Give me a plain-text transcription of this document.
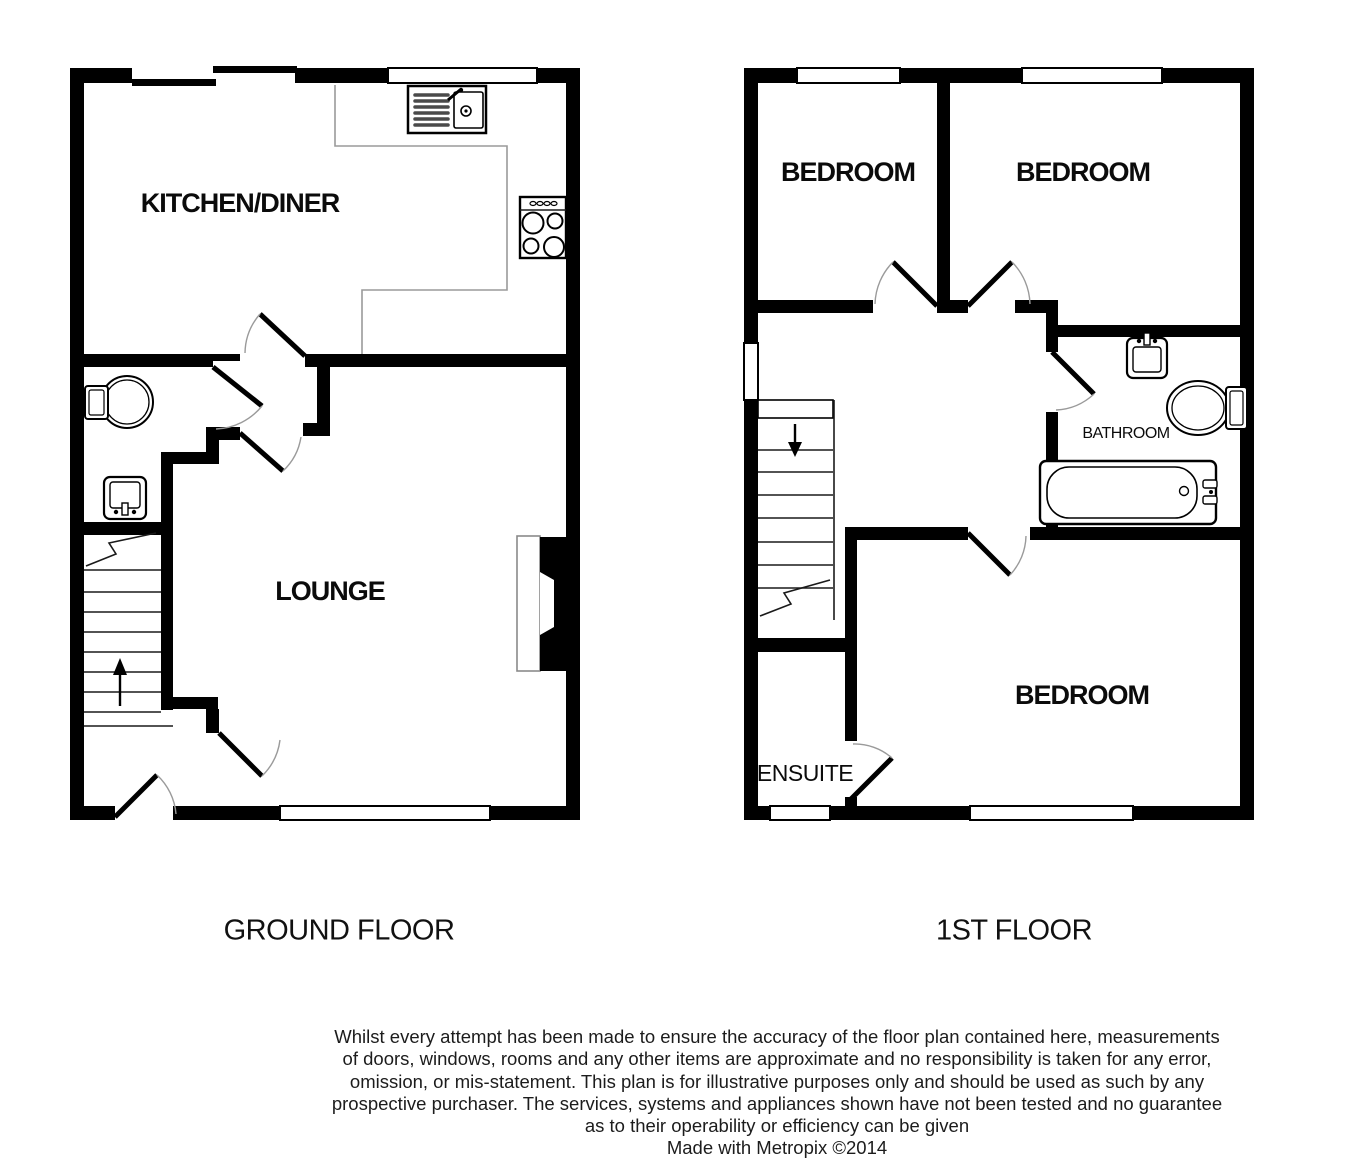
KITCHEN/DINER
LOUNGE
BEDROOM	BEDROOM
BEDROOM
BATHROOM
ENSUITE
GROUND FLOOR	1ST FLOOR
Whilst every attempt has been made to ensure the accuracy of the floor plan contained here, measurements
of doors, windows, rooms and any other items are approximate and no responsibility is taken for any error,
omission, or mis-statement. This plan is for illustrative purposes only and should be used as such by any
prospective purchaser. The services, systems and appliances shown have not been tested and no guarantee
as to their operability or efficiency can be given
Made with Metropix ©2014
